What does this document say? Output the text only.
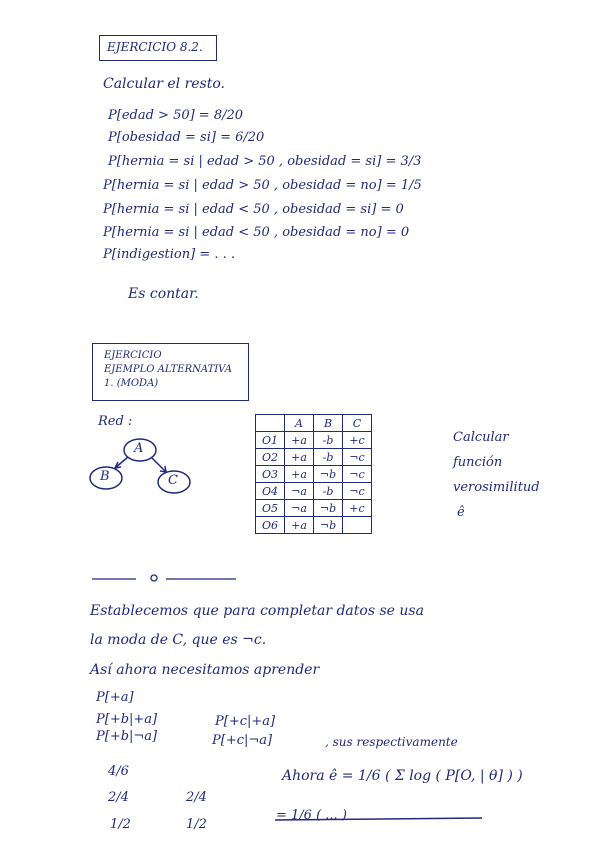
EJERCICIO 8.2.
Calcular el resto.
P[edad > 50] = 8/20
P[obesidad = si] = 6/20
P[hernia = si | edad > 50 , obesidad = si] = 3/3
P[hernia = si | edad > 50 , obesidad = no] = 1/5
P[hernia = si | edad < 50 , obesidad = si] = 0
P[hernia = si | edad < 50 , obesidad = no] = 0
P[indigestion] = . . .
Es contar.
EJERCICIO
EJEMPLO ALTERNATIVA
1. (MODA)
Red :
A
B	C
	A	B	C
O1	+a	-b	+c
O2	+a	-b	¬c
O3	+a	¬b	¬c
O4	¬a	-b	¬c
O5	¬a	¬b	+c
O6	+a	¬b	
Calcular
función
verosimilitud
ê
Establecemos que para completar datos se usa
la moda de C, que es ¬c.
Así ahora necesitamos aprender
P[+a]
P[+b|+a]
P[+b|¬a]
P[+c|+a]
P[+c|¬a]	, sus respectivamente
4/6
2/4	2/4
1/2	1/2
Ahora ê = 1/6 ( Σ log ( P[O, | θ] ) )
= 1/6 ( ... )
